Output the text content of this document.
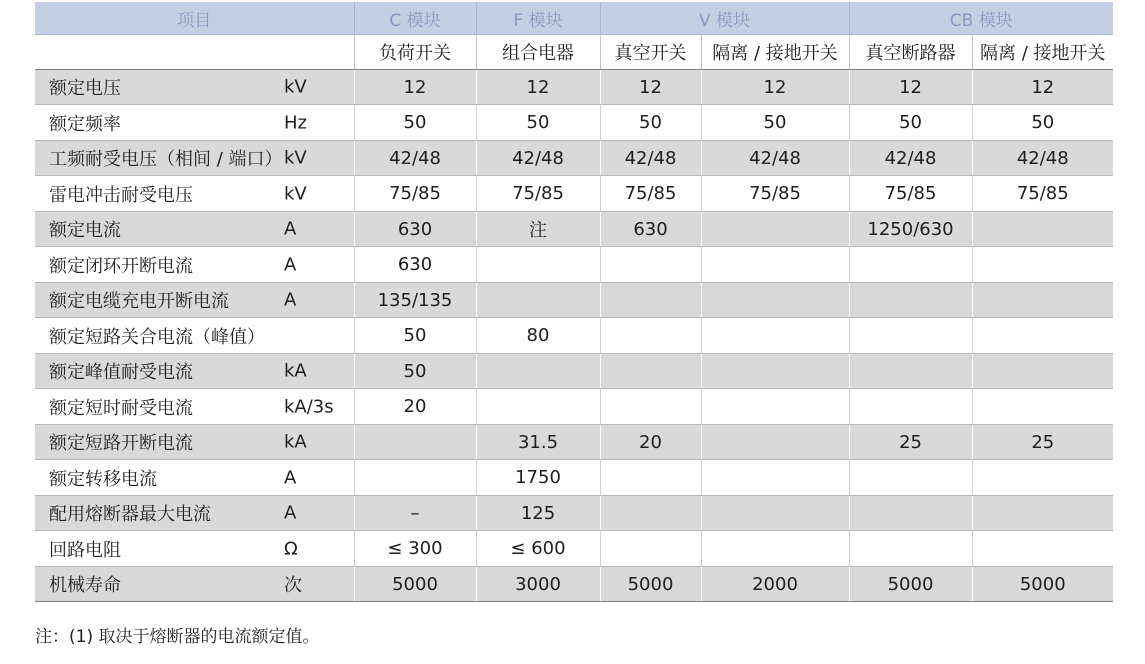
项目	C 模块	F 模块	V 模块		CB 模块	
	负荷开关	组合电器	真空开关	隔离 / 接地开关	真空断路器	隔离 / 接地开关

额定电压 kV	12	12	12	12	12	12

额定频率 Hz	50	50	50	50	50	50

工频耐受电压（相间 / 端口） kV	42/48	42/48	42/48	42/48	42/48	42/48

雷电冲击耐受电压 kV	75/85	75/85	75/85	75/85	75/85	75/85

额定电流 A	630	注	630		1250/630	

额定闭环开断电流 A	630					

额定电缆充电开断电流 A	135/135					

额定短路关合电流（峰值）	50	80				

额定峰值耐受电流 kA	50					

额定短时耐受电流 kA/3s	20					

额定短路开断电流 kA		31.5	20		25	25

额定转移电流 A		1750				

配用熔断器最大电流 A	–	125				

回路电阻 Ω	≤ 300	≤ 600				

机械寿命 次	5000	3000	5000	2000	5000	5000
注：(1) 取决于熔断器的电流额定值。
